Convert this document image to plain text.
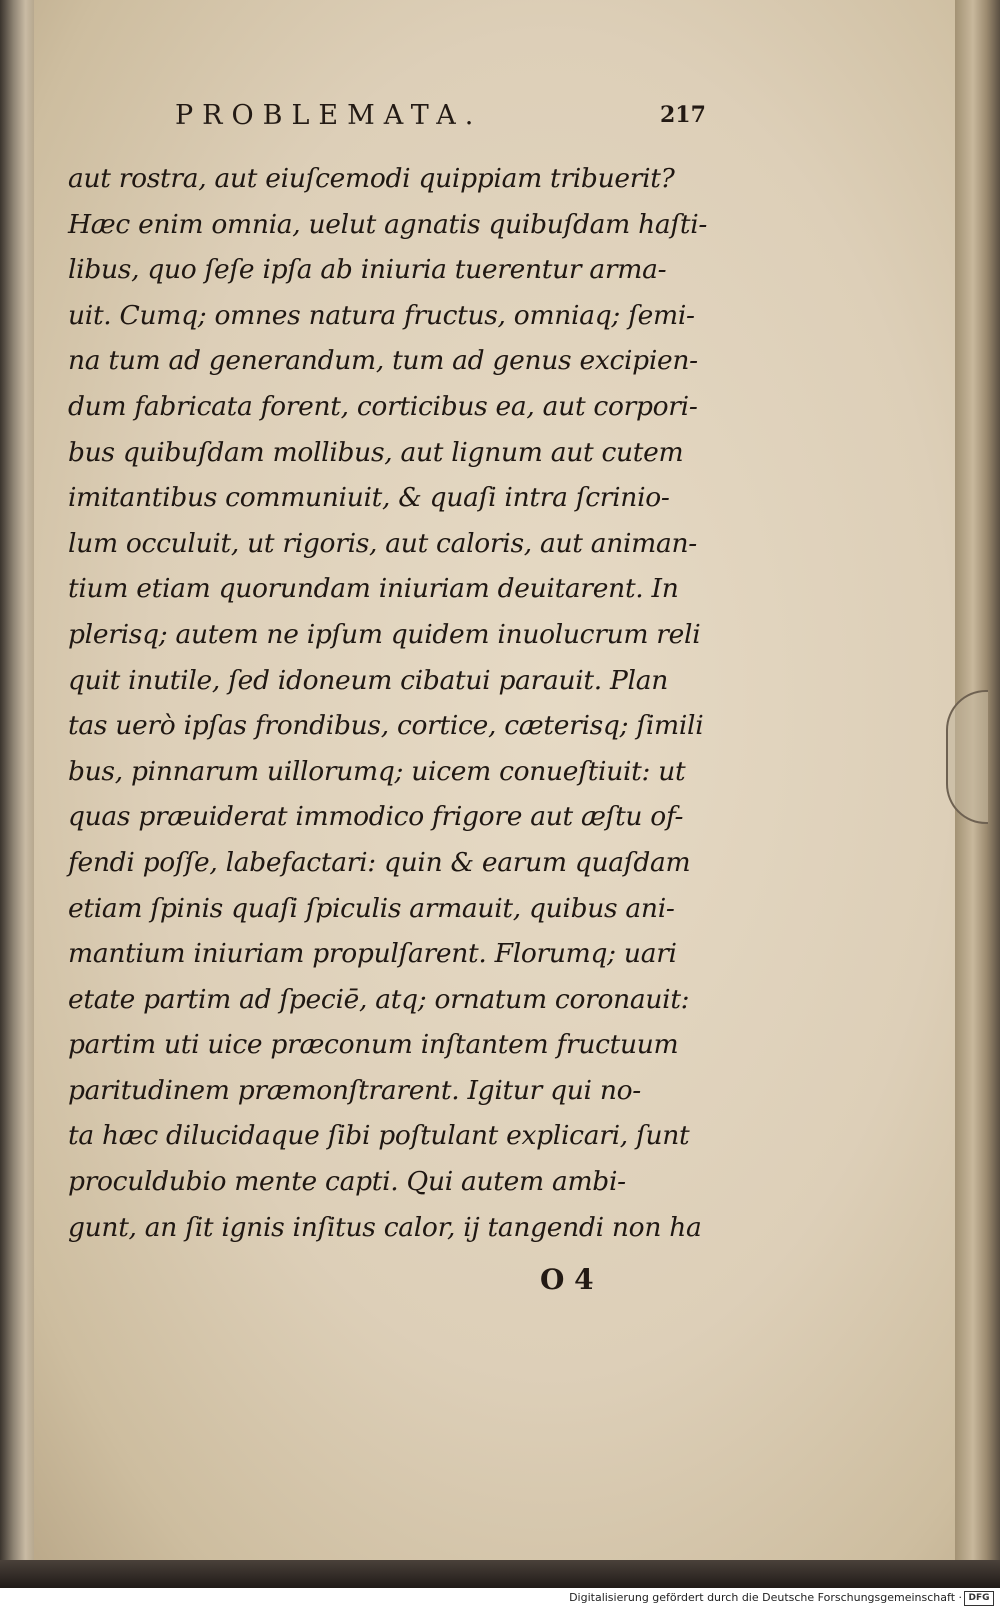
PROBLEMATA.	217
aut rostra, aut eiuſcemodi quippiam tribuerit?
Hæc enim omnia, uelut agnatis quibuſdam haſti-
libus, quo ſeſe ipſa ab iniuria tuerentur arma-
uit. Cumq; omnes natura fructus, omniaq; ſemi-
na tum ad generandum, tum ad genus excipien-
dum fabricata forent, corticibus ea, aut corpori-
bus quibuſdam mollibus, aut lignum aut cutem
imitantibus communiuit, & quaſi intra ſcrinio-
lum occuluit, ut rigoris, aut caloris, aut animan-
tium etiam quorundam iniuriam deuitarent. In
plerisq; autem ne ipſum quidem inuolucrum reli
quit inutile, ſed idoneum cibatui parauit. Plan
tas uerò ipſas frondibus, cortice, cæterisq; ſimili
bus, pinnarum uillorumq; uicem conueſtiuit: ut
quas præuiderat immodico frigore aut æſtu of-
fendi poſſe, labefactari: quin & earum quaſdam
etiam ſpinis quaſi ſpiculis armauit, quibus ani-
mantium iniuriam propulſarent. Florumq; uari
etate partim ad ſpeciē, atq; ornatum coronauit:
partim uti uice præconum inſtantem fructuum
paritudinem præmonſtrarent. Igitur qui no-
ta hæc dilucidaque ſibi poſtulant explicari, ſunt
proculdubio mente capti. Qui autem ambi-
gunt, an ſit ignis inſitus calor, ij tangendi non ha
O 4
Digitalisierung gefördert durch die Deutsche Forschungsgemeinschaft · DFG
